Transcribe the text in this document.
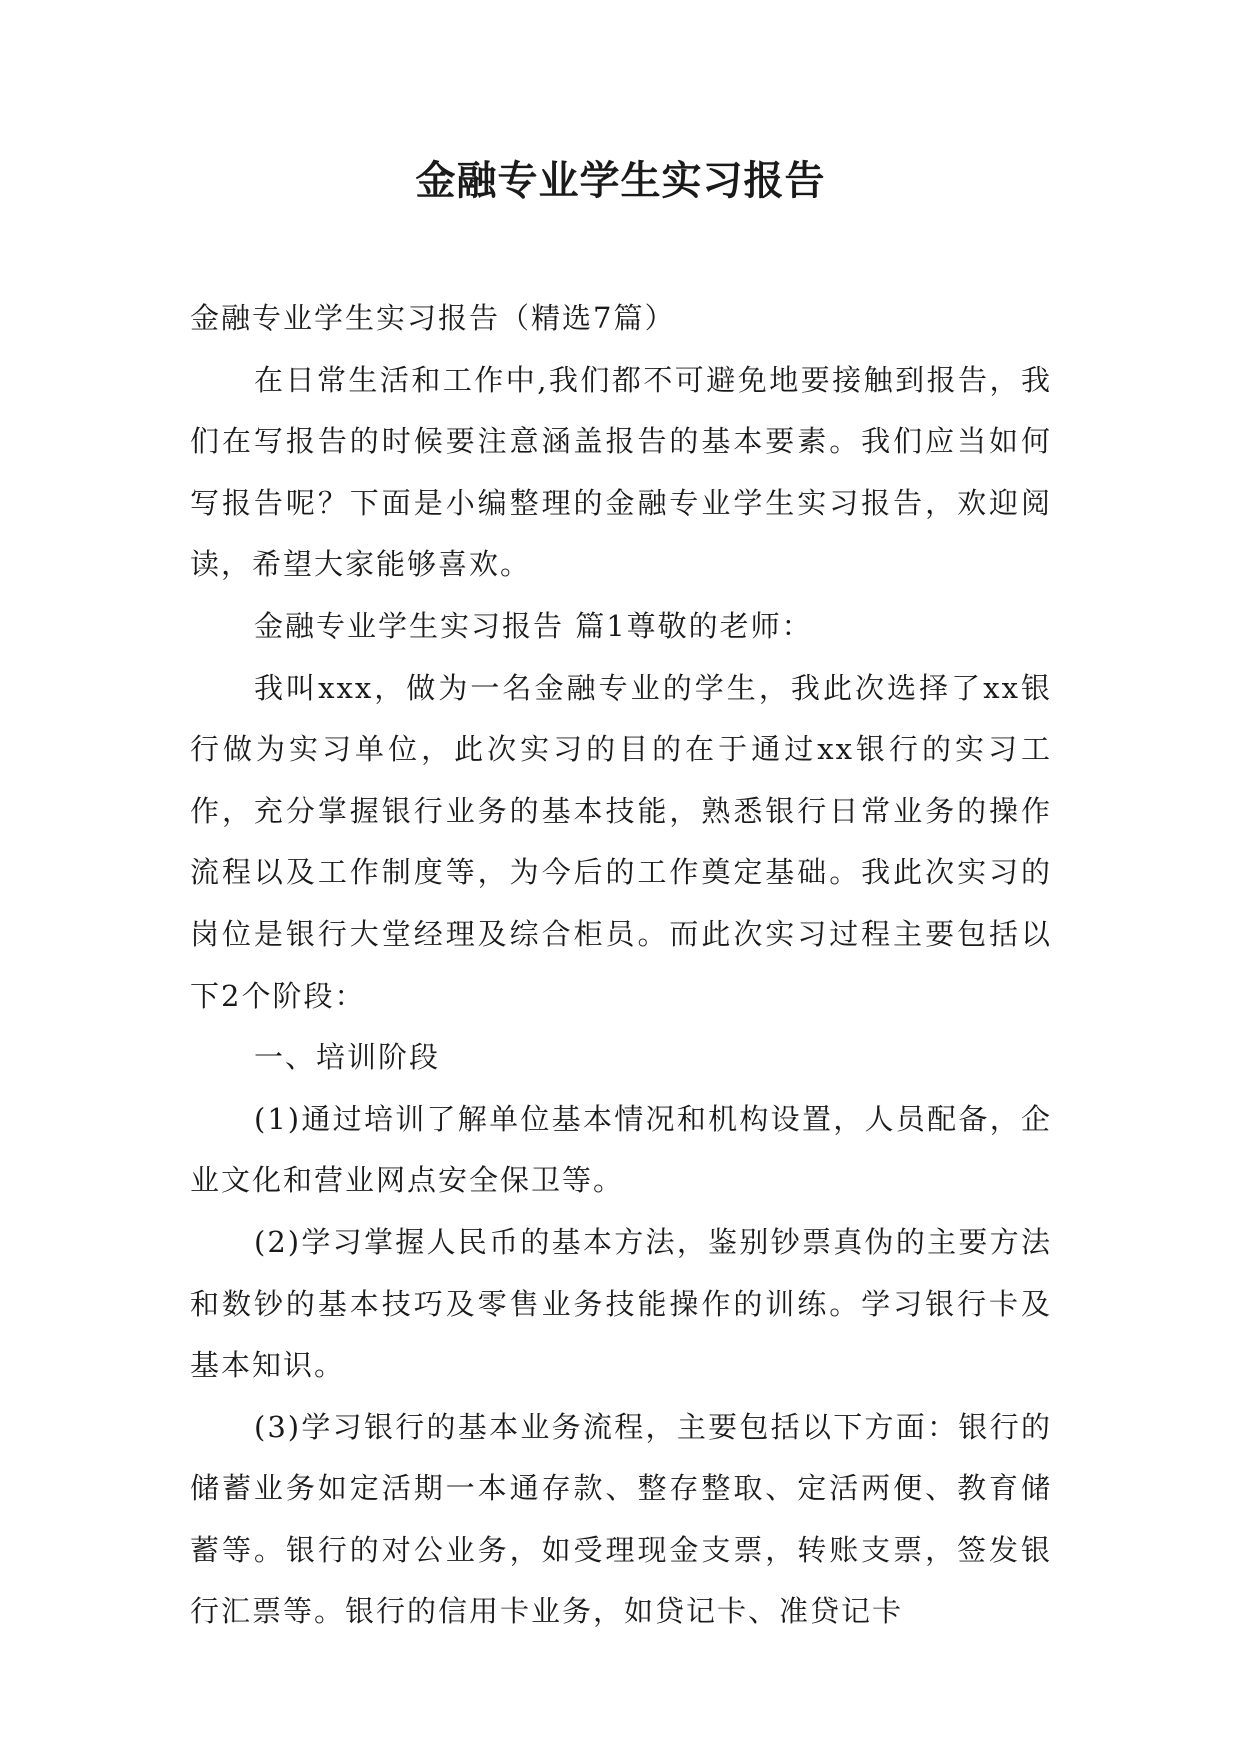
金融专业学生实习报告

金融专业学生实习报告（精选7篇）

在日常生活和工作中,我们都不可避免地要接触到报告，我们在写报告的时候要注意涵盖报告的基本要素。我们应当如何写报告呢？下面是小编整理的金融专业学生实习报告，欢迎阅读，希望大家能够喜欢。

金融专业学生实习报告 篇1尊敬的老师：

我叫xxx，做为一名金融专业的学生，我此次选择了xx银行做为实习单位，此次实习的目的在于通过xx银行的实习工作，充分掌握银行业务的基本技能，熟悉银行日常业务的操作流程以及工作制度等，为今后的工作奠定基础。我此次实习的岗位是银行大堂经理及综合柜员。而此次实习过程主要包括以下2个阶段：

一、培训阶段

(1)通过培训了解单位基本情况和机构设置，人员配备，企业文化和营业网点安全保卫等。

(2)学习掌握人民币的基本方法，鉴别钞票真伪的主要方法和数钞的基本技巧及零售业务技能操作的训练。学习银行卡及基本知识。

(3)学习银行的基本业务流程，主要包括以下方面：银行的储蓄业务如定活期一本通存款、整存整取、定活两便、教育储蓄等。银行的对公业务，如受理现金支票，转账支票，签发银行汇票等。银行的信用卡业务，如贷记卡、准贷记卡
